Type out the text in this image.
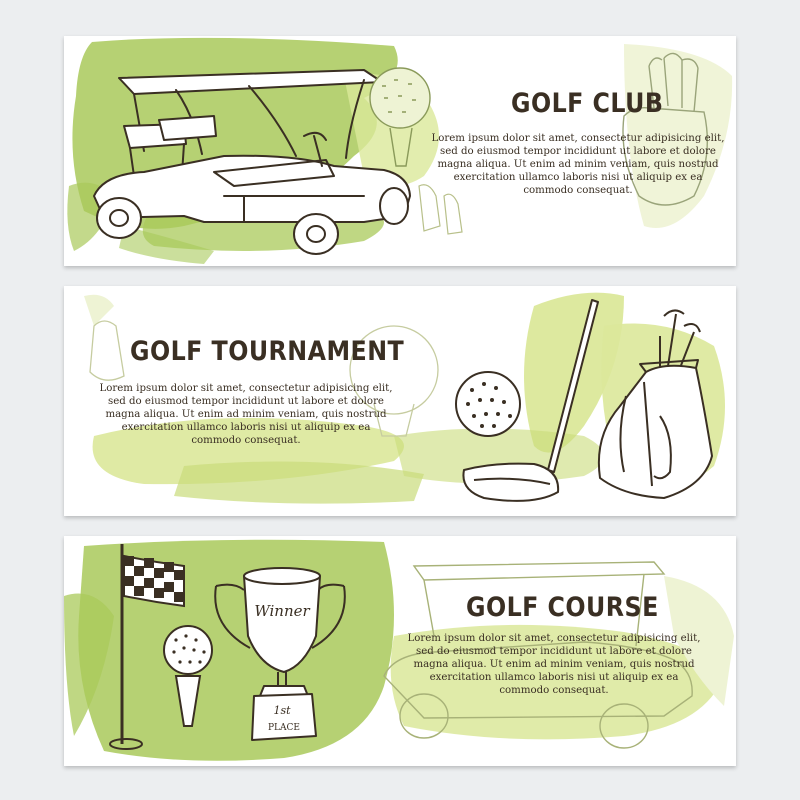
GOLF CLUB
Lorem ipsum dolor sit amet, consectetur adipisicing elit, sed do eiusmod tempor incididunt ut labore et dolore magna aliqua. Ut enim ad minim veniam, quis nostrud exercitation ullamco laboris nisi ut aliquip ex ea commodo consequat.
GOLF TOURNAMENT
Lorem ipsum dolor sit amet, consectetur adipisicing elit, sed do eiusmod tempor incididunt ut labore et dolore magna aliqua. Ut enim ad minim veniam, quis nostrud exercitation ullamco laboris nisi ut aliquip ex ea commodo consequat.
Winner
1st
PLACE
GOLF COURSE
Lorem ipsum dolor sit amet, consectetur adipisicing elit, sed do eiusmod tempor incididunt ut labore et dolore magna aliqua. Ut enim ad minim veniam, quis nostrud exercitation ullamco laboris nisi ut aliquip ex ea commodo consequat.
